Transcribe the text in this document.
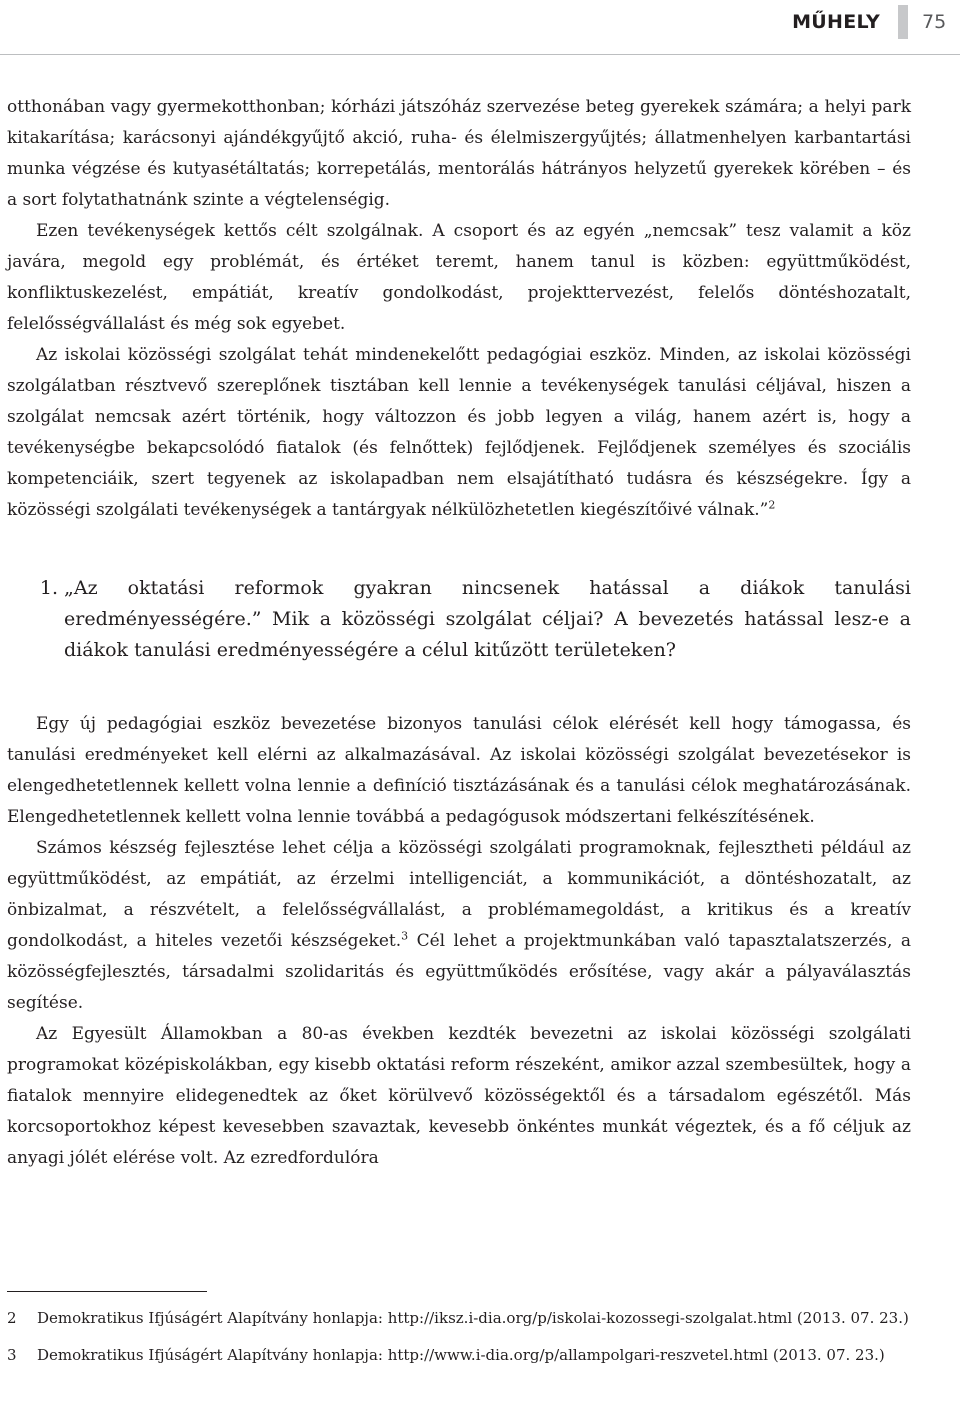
MŰHELY 75

otthonában vagy gyermekotthonban; kórházi játszóház szervezése beteg gyerekek számára; a helyi park kitakarítása; karácsonyi ajándékgyűjtő akció, ruha- és élelmiszergyűjtés; állatmenhelyen karbantartási munka végzése és kutyasétáltatás; korrepetálás, mentorálás hátrányos helyzetű gyerekek körében – és a sort folytathatnánk szinte a végtelenségig.

Ezen tevékenységek kettős célt szolgálnak. A csoport és az egyén „nemcsak” tesz valamit a köz javára, megold egy problémát, és értéket teremt, hanem tanul is közben: együttműködést, konfliktuskezelést, empátiát, kreatív gondolkodást, projekttervezést, felelős döntéshozatalt, felelősségvállalást és még sok egyebet.

Az iskolai közösségi szolgálat tehát mindenekelőtt pedagógiai eszköz. Minden, az iskolai közösségi szolgálatban résztvevő szereplőnek tisztában kell lennie a tevékenységek tanulási céljával, hiszen a szolgálat nemcsak azért történik, hogy változzon és jobb legyen a világ, hanem azért is, hogy a tevékenységbe bekapcsolódó fiatalok (és felnőttek) fejlődjenek. Fejlődjenek személyes és szociális kompetenciáik, szert tegyenek az iskolapadban nem elsajátítható tudásra és készségekre. Így a közösségi szolgálati tevékenységek a tantárgyak nélkülözhetetlen kiegészítőivé válnak.”$^2$

1. „Az oktatási reformok gyakran nincsenek hatással a diákok tanulási eredményességére.” Mik a közösségi szolgálat céljai? A bevezetés hatással lesz-e a diákok tanulási eredményességére a célul kitűzött területeken?

Egy új pedagógiai eszköz bevezetése bizonyos tanulási célok elérését kell hogy támogassa, és tanulási eredményeket kell elérni az alkalmazásával. Az iskolai közösségi szolgálat bevezetésekor is elengedhetetlennek kellett volna lennie a definíció tisztázásának és a tanulási célok meghatározásának. Elengedhetetlennek kellett volna lennie továbbá a pedagógusok módszertani felkészítésének.

Számos készség fejlesztése lehet célja a közösségi szolgálati programoknak, fejlesztheti például az együttműködést, az empátiát, az érzelmi intelligenciát, a kommunikációt, a döntéshozatalt, az önbizalmat, a részvételt, a felelősségvállalást, a problémamegoldást, a kritikus és a kreatív gondolkodást, a hiteles vezetői készségeket.$^3$ Cél lehet a projektmunkában való tapasztalatszerzés, a közösségfejlesztés, társadalmi szolidaritás és együttműködés erősítése, vagy akár a pályaválasztás segítése.

Az Egyesült Államokban a 80-as években kezdték bevezetni az iskolai közösségi szolgálati programokat középiskolákban, egy kisebb oktatási reform részeként, amikor azzal szembesültek, hogy a fiatalok mennyire elidegenedtek az őket körülvevő közösségektől és a társadalom egészétől. Más korcsoportokhoz képest kevesebben szavaztak, kevesebb önkéntes munkát végeztek, és a fő céljuk az anyagi jólét elérése volt. Az ezredfordulóra

2	Demokratikus Ifjúságért Alapítvány honlapja: http://iksz.i-dia.org/p/iskolai-kozossegi-szolgalat.html (2013. 07. 23.)
3	Demokratikus Ifjúságért Alapítvány honlapja: http://www.i-dia.org/p/allampolgari-reszvetel.html (2013. 07. 23.)
